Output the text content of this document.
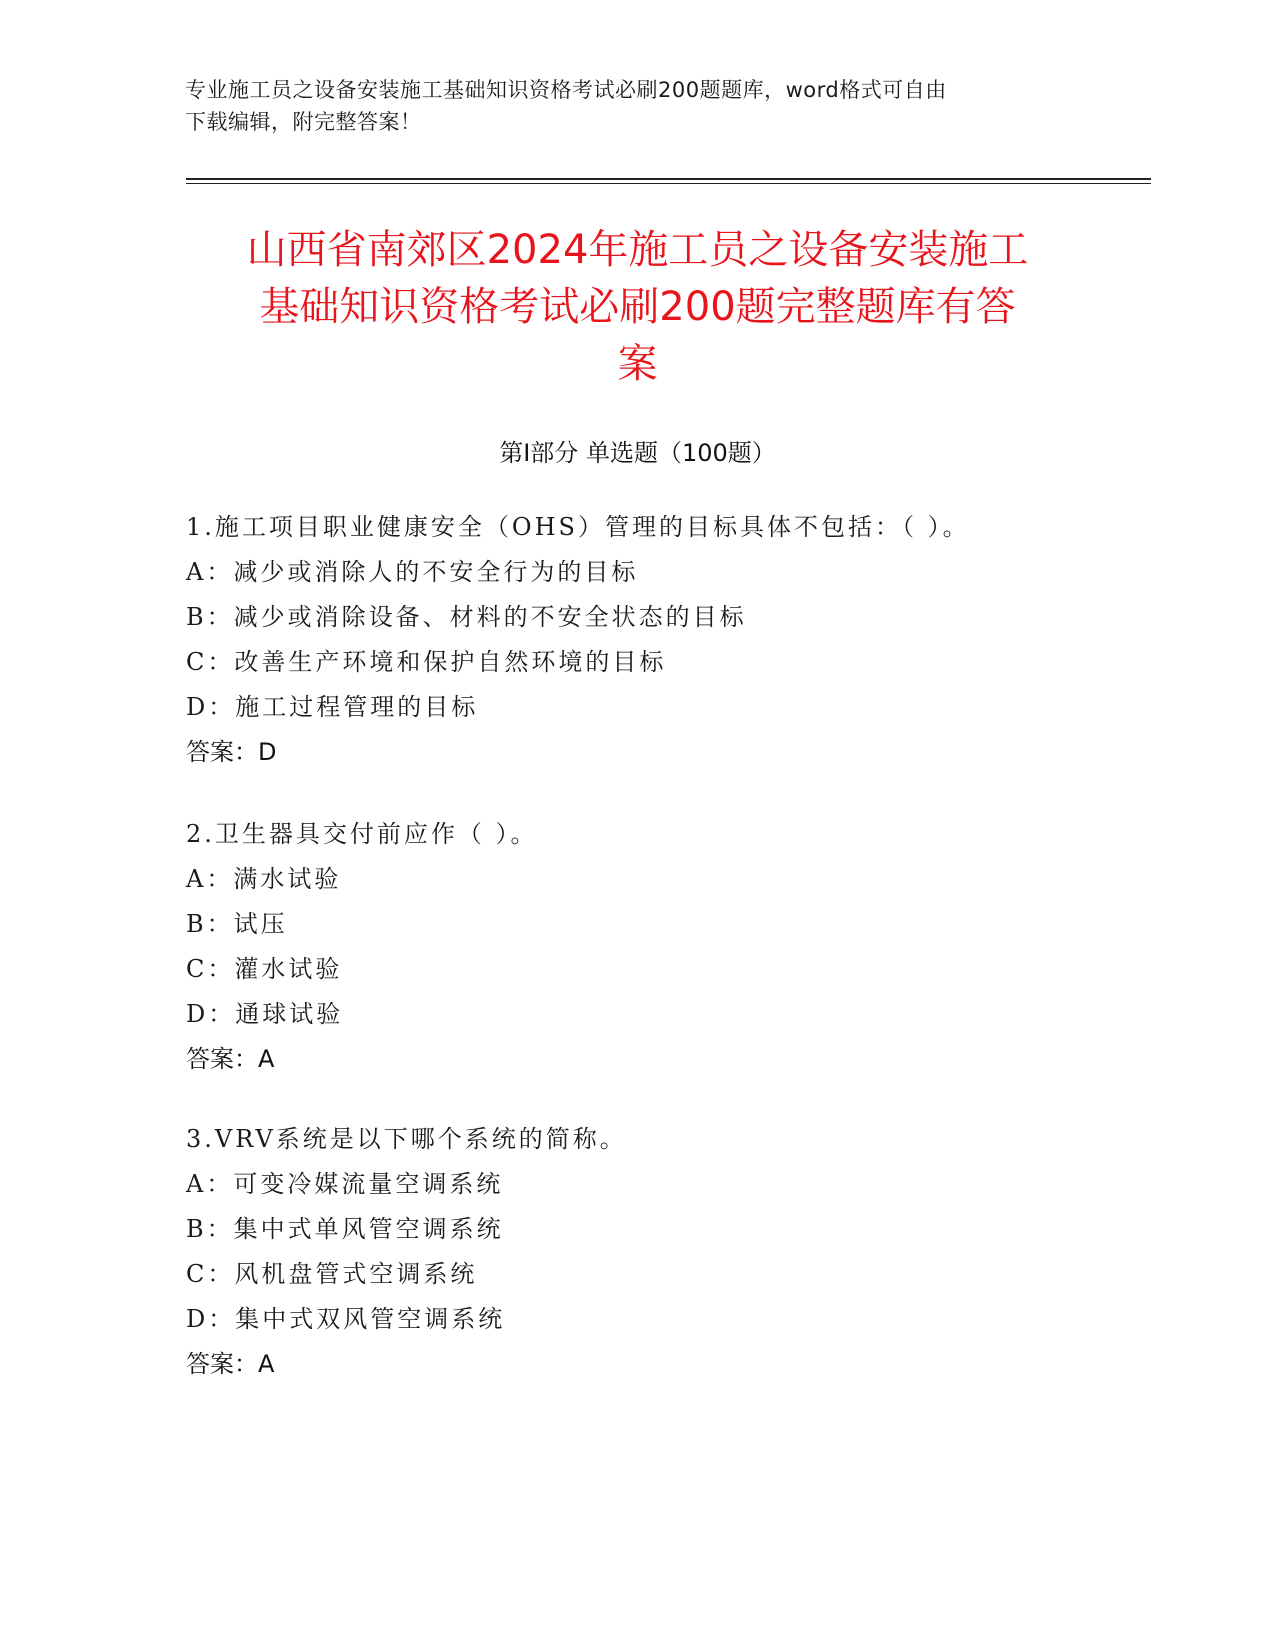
专业施工员之设备安装施工基础知识资格考试必刷200题题库，word格式可自由
下载编辑，附完整答案！
山西省南郊区2024年施工员之设备安装施工
基础知识资格考试必刷200题完整题库有答
案
第Ⅰ部分 单选题（100题）
1.施工项目职业健康安全（OHS）管理的目标具体不包括：（ ）。
A：减少或消除人的不安全行为的目标
B：减少或消除设备、材料的不安全状态的目标
C：改善生产环境和保护自然环境的目标
D：施工过程管理的目标
答案：D
2.卫生器具交付前应作（ ）。
A：满水试验
B：试压
C：灌水试验
D：通球试验
答案：A
3.VRV系统是以下哪个系统的简称。
A：可变冷媒流量空调系统
B：集中式单风管空调系统
C：风机盘管式空调系统
D：集中式双风管空调系统
答案：A
